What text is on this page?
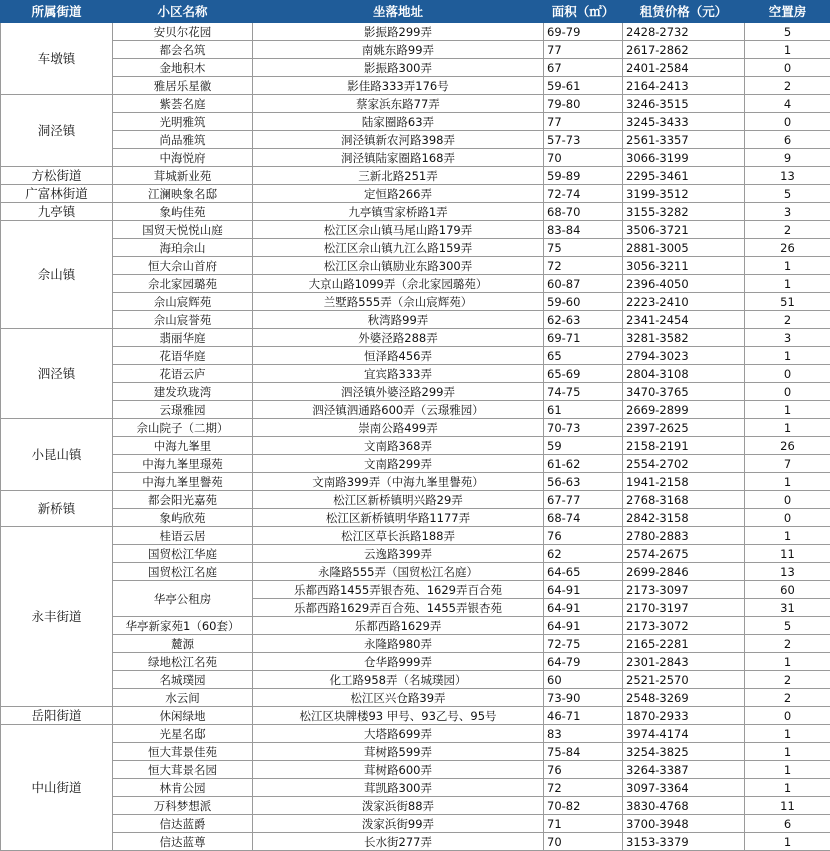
所属街道	小区名称	坐落地址	面积（㎡）	租赁价格（元）	空置房
车墩镇	安贝尔花园	影振路299弄	69-79	2428-2732	5
	都会名筑	南姚东路99弄	77	2617-2862	1
	金地积木	影振路300弄	67	2401-2584	0
	雅居乐星徽	影佳路333弄176号	59-61	2164-2413	2
洞泾镇	紫荟名庭	蔡家浜东路77弄	79-80	3246-3515	4
	光明雅筑	陆家圈路63弄	77	3245-3433	0
	尚品雅筑	洞泾镇新农河路398弄	57-73	2561-3357	6
	中海悦府	洞泾镇陆家圈路168弄	70	3066-3199	9
方松街道	茸城新业苑	三新北路251弄	59-89	2295-3461	13
广富林街道	江澜映象名邸	定恒路266弄	72-74	3199-3512	5
九亭镇	象屿佳苑	九亭镇雪家桥路1弄	68-70	3155-3282	3
佘山镇	国贸天悦悦山庭	松江区佘山镇马尾山路179弄	83-84	3506-3721	2
	海珀佘山	松江区佘山镇九江么路159弄	75	2881-3005	26
	恒大佘山首府	松江区佘山镇励业东路300弄	72	3056-3211	1
	佘北家园璐苑	大京山路1099弄（佘北家园璐苑）	60-87	2396-4050	1
	佘山宸辉苑	兰墅路555弄（佘山宸辉苑）	59-60	2223-2410	51
	佘山宸誉苑	秋湾路99弄	62-63	2341-2454	2
泗泾镇	翡丽华庭	外婆泾路288弄	69-71	3281-3582	3
	花语华庭	恒泽路456弄	65	2794-3023	1
	花语云庐	宜宾路333弄	65-69	2804-3108	0
	建发玖珑湾	泗泾镇外婆泾路299弄	74-75	3470-3765	0
	云璟雅园	泗泾镇泗通路600弄（云璟雅园）	61	2669-2899	1
小昆山镇	佘山院子（二期）	崇南公路499弄	70-73	2397-2625	1
	中海九峯里	文南路368弄	59	2158-2191	26
	中海九峯里璟苑	文南路299弄	61-62	2554-2702	7
	中海九峯里譽苑	文南路399弄（中海九峯里譽苑）	56-63	1941-2158	1
新桥镇	都会阳光嘉苑	松江区新桥镇明兴路29弄	67-77	2768-3168	0
	象屿欣苑	松江区新桥镇明华路1177弄	68-74	2842-3158	0
永丰街道	桂语云居	松江区草长浜路188弄	76	2780-2883	1
	国贸松江华庭	云逸路399弄	62	2574-2675	11
	国贸松江名庭	永隆路555弄（国贸松江名庭）	64-65	2699-2846	13
	华亭公租房	乐都西路1455弄银杏苑、1629弄百合苑	64-91	2173-3097	60
		乐都西路1629弄百合苑、1455弄银杏苑	64-91	2170-3197	31
	华亭新家苑1（60套）	乐都西路1629弄	64-91	2173-3072	5
	麓源	永隆路980弄	72-75	2165-2281	2
	绿地松江名苑	仓华路999弄	64-79	2301-2843	1
	名城璞园	化工路958弄（名城璞园）	60	2521-2570	2
	水云间	松江区兴仓路39弄	73-90	2548-3269	2
岳阳街道	休闲绿地	松江区块牌楼93 甲号、93乙号、95号	46-71	1870-2933	0
中山街道	光星名邸	大塔路699弄	83	3974-4174	1
	恒大茸景佳苑	茸树路599弄	75-84	3254-3825	1
	恒大茸景名园	茸树路600弄	76	3264-3387	1
	林肯公园	茸凯路300弄	72	3097-3364	1
	万科梦想派	泼家浜街88弄	70-82	3830-4768	11
	信达蓝爵	泼家浜街99弄	71	3700-3948	6
	信达蓝尊	长水街277弄	70	3153-3379	1
